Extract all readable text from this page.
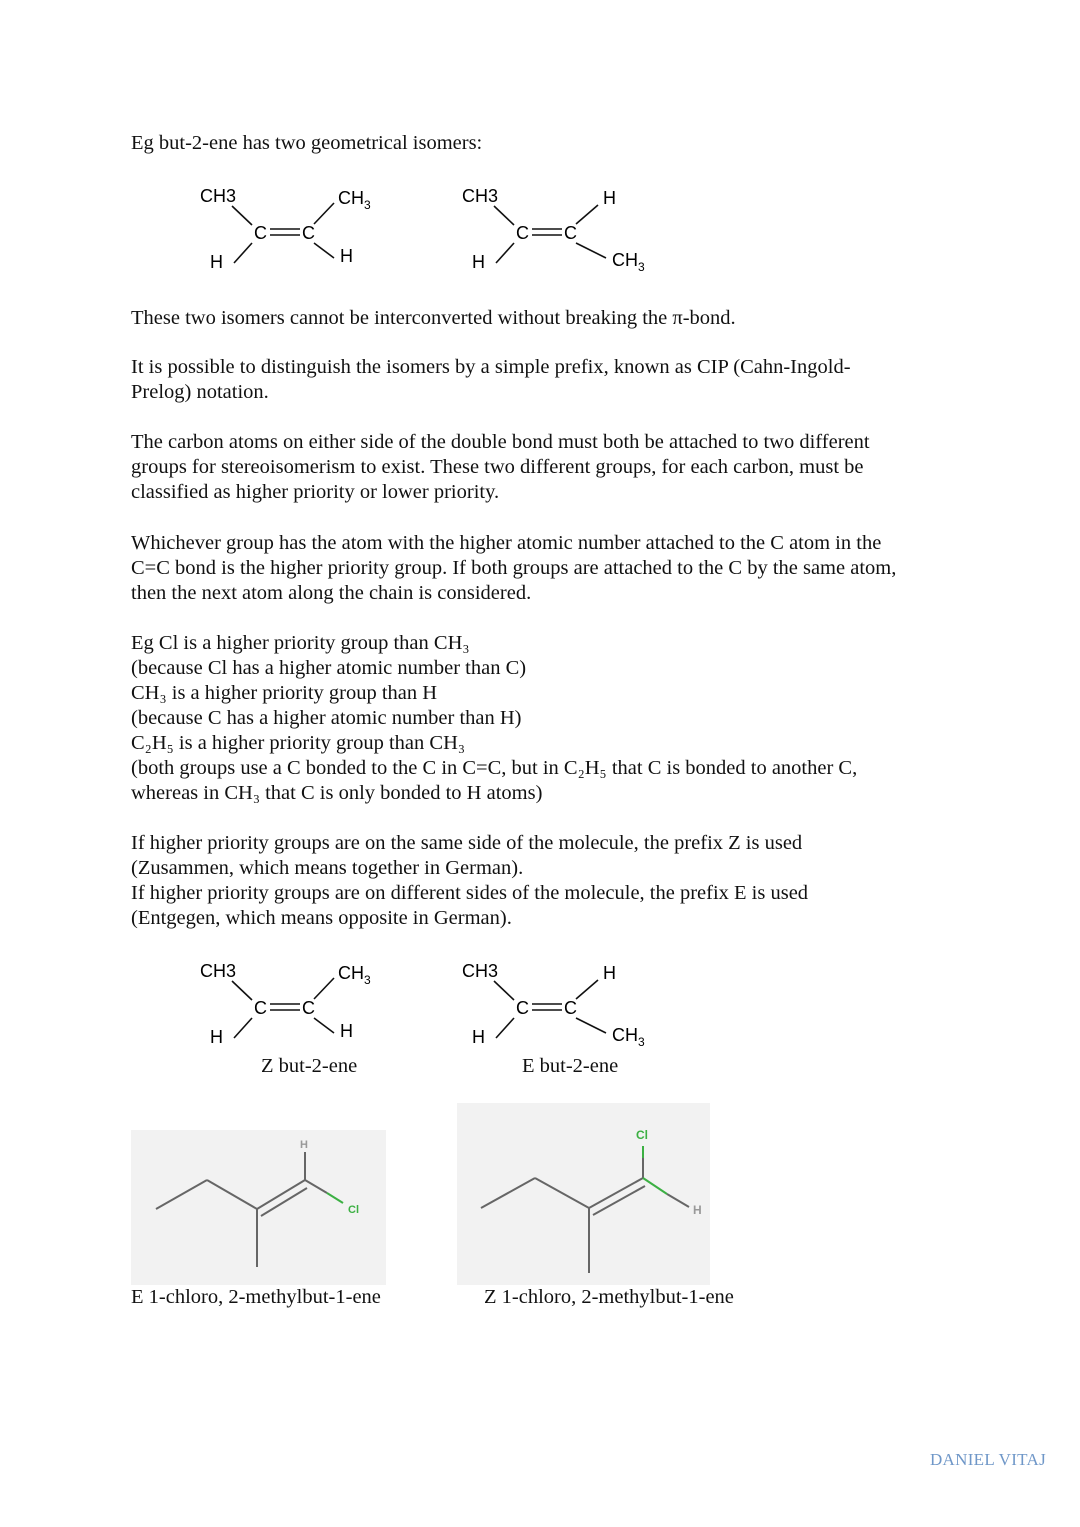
Eg but-2-ene has two geometrical isomers:

CH3	$CH_3$
C C
H	H
CH3	H
C C
H	$CH_3$

These two isomers cannot be interconverted without breaking the π-bond.

It is possible to distinguish the isomers by a simple prefix, known as CIP (Cahn-Ingold-
Prelog) notation.

The carbon atoms on either side of the double bond must both be attached to two different
groups for stereoisomerism to exist. These two different groups, for each carbon, must be
classified as higher priority or lower priority.

Whichever group has the atom with the higher atomic number attached to the C atom in the
C=C bond is the higher priority group. If both groups are attached to the C by the same atom,
then the next atom along the chain is considered.

Eg Cl is a higher priority group than CH₃
(because Cl has a higher atomic number than C)
CH₃ is a higher priority group than H
(because C has a higher atomic number than H)
C₂H₅ is a higher priority group than CH₃
(both groups use a C bonded to the C in C=C, but in C₂H₅ that C is bonded to another C,
whereas in CH₃ that C is only bonded to H atoms)

If higher priority groups are on the same side of the molecule, the prefix Z is used
(Zusammen, which means together in German).
If higher priority groups are on different sides of the molecule, the prefix E is used
(Entgegen, which means opposite in German).

CH3	$CH_3$
C C
H	H
Z but-2-ene
CH3	H
C C
H	$CH_3$
E but-2-ene
H
Cl
E 1-chloro, 2-methylbut-1-ene
Cl
H
Z 1-chloro, 2-methylbut-1-ene
DANIEL VITAJ
